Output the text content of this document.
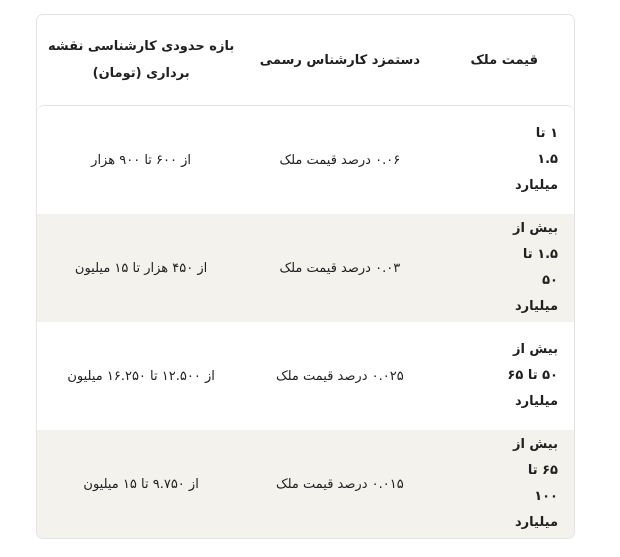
قیمت ملک
دستمزد کارشناس رسمی
بازه حدودی کارشناسی نقشه
برداری (تومان)
۱ تا
۱.۵
میلیارد
۰.۰۶ درصد قیمت ملک
از ۶۰۰ تا ۹۰۰ هزار
بیش از
۱.۵ تا ۵۰
میلیارد
۰.۰۳ درصد قیمت ملک
از ۴۵۰ هزار تا ۱۵ میلیون
بیش از
۵۰ تا ۶۵
میلیارد
۰.۰۲۵ درصد قیمت ملک
از ۱۲.۵۰۰ تا ۱۶.۲۵۰ میلیون
بیش از
۶۵ تا ۱۰۰
میلیارد
۰.۰۱۵ درصد قیمت ملک
از ۹.۷۵۰ تا ۱۵ میلیون
